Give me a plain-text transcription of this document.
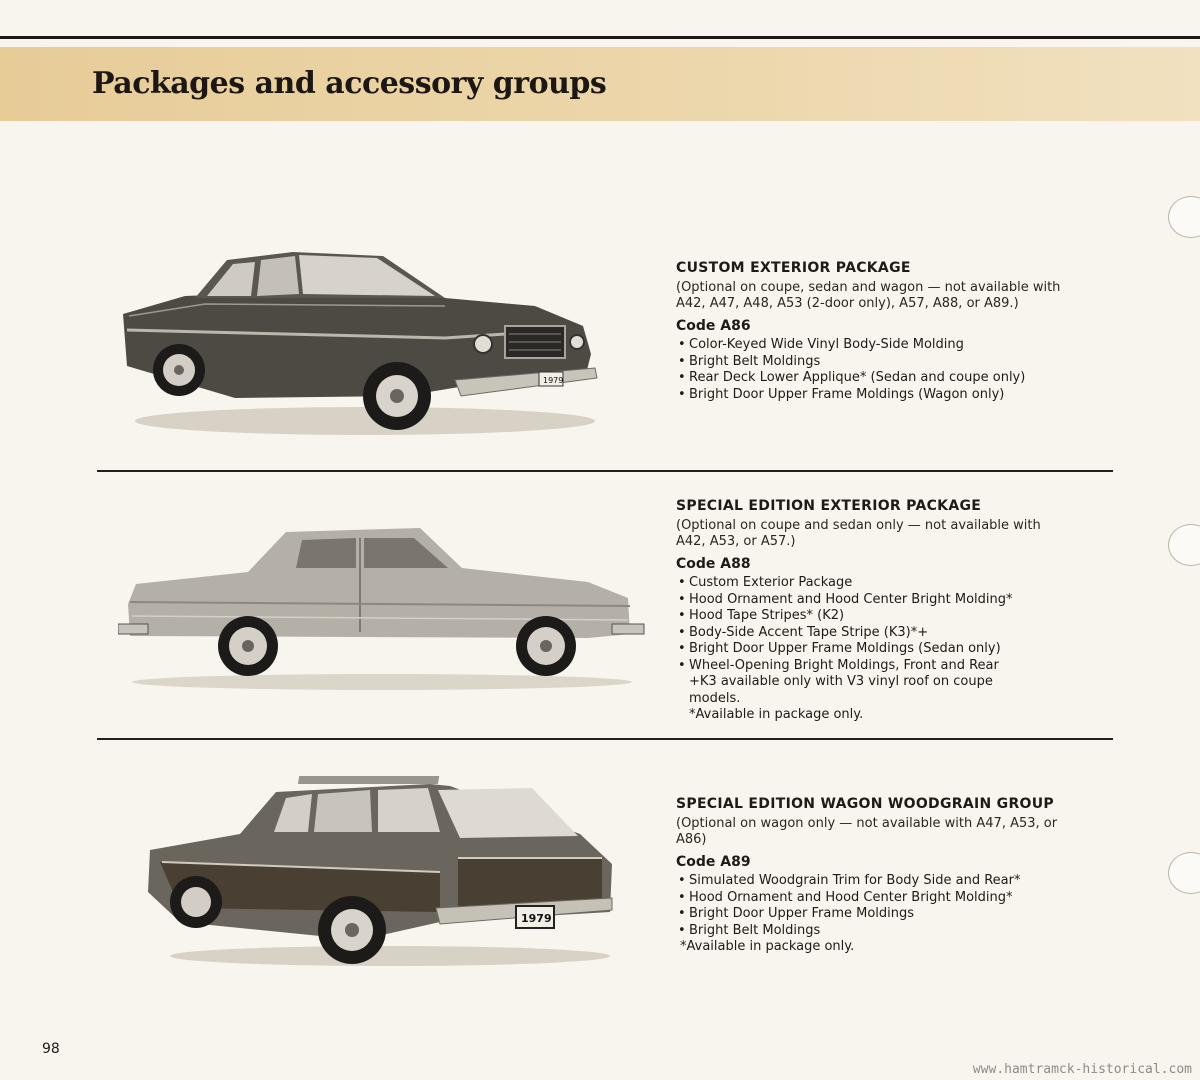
Packages and accessory groups
1979
CUSTOM EXTERIOR PACKAGE

(Optional on coupe, sedan and wagon — not available with A42, A47, A48, A53 (2-door only), A57, A88, or A89.)

Code A86
• Color-Keyed Wide Vinyl Body-Side Molding
• Bright Belt Moldings
• Rear Deck Lower Applique* (Sedan and coupe only)
• Bright Door Upper Frame Moldings (Wagon only)
SPECIAL EDITION EXTERIOR PACKAGE

(Optional on coupe and sedan only — not available with A42, A53, or A57.)

Code A88
• Custom Exterior Package
• Hood Ornament and Hood Center Bright Molding*
• Hood Tape Stripes* (K2)
• Body-Side Accent Tape Stripe (K3)*+
• Bright Door Upper Frame Moldings (Sedan only)
• Wheel-Opening Bright Moldings, Front and Rear
+K3 available only with V3 vinyl roof on coupe models.
*Available in package only.
1979
SPECIAL EDITION WAGON WOODGRAIN GROUP

(Optional on wagon only — not available with A47, A53, or A86)

Code A89
• Simulated Woodgrain Trim for Body Side and Rear*
• Hood Ornament and Hood Center Bright Molding*
• Bright Door Upper Frame Moldings
• Bright Belt Moldings
*Available in package only.
98
www.hamtramck-historical.com
